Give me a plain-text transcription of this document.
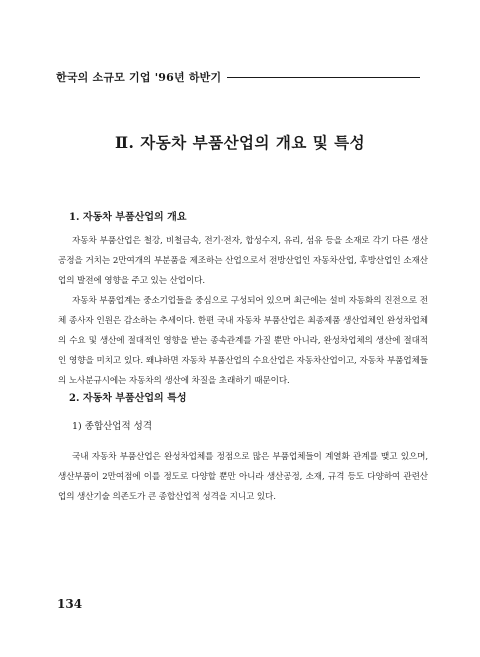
한국의 소규모 기업 '96년 하반기
Ⅱ. 자동차 부품산업의 개요 및 특성
1. 자동차 부품산업의 개요

자동차 부품산업은 철강, 비철금속, 전기·전자, 합성수지, 유리, 섬유 등을 소재로 각기 다른 생산공정을 거치는 2만여개의 부분품을 제조하는 산업으로서 전방산업인 자동차산업, 후방산업인 소재산업의 발전에 영향을 주고 있는 산업이다.

자동차 부품업계는 중소기업들을 중심으로 구성되어 있으며 최근에는 설비 자동화의 진전으로 전체 종사자 인원은 감소하는 추세이다. 한편 국내 자동차 부품산업은 최종제품 생산업체인 완성차업체의 수요 및 생산에 절대적인 영향을 받는 종속관계를 가질 뿐만 아니라, 완성차업체의 생산에 절대적인 영향을 미치고 있다. 왜냐하면 자동차 부품산업의 수요산업은 자동차산업이고, 자동차 부품업체들의 노사분규시에는 자동차의 생산에 차질을 초래하기 때문이다.

2. 자동차 부품산업의 특성
1) 종합산업적 성격

국내 자동차 부품산업은 완성차업체를 정점으로 많은 부품업체들이 계열화 관계를 맺고 있으며, 생산부품이 2만여점에 이를 정도로 다양할 뿐만 아니라 생산공정, 소재, 규격 등도 다양하여 관련산업의 생산기술 의존도가 큰 종합산업적 성격을 지니고 있다.

134
